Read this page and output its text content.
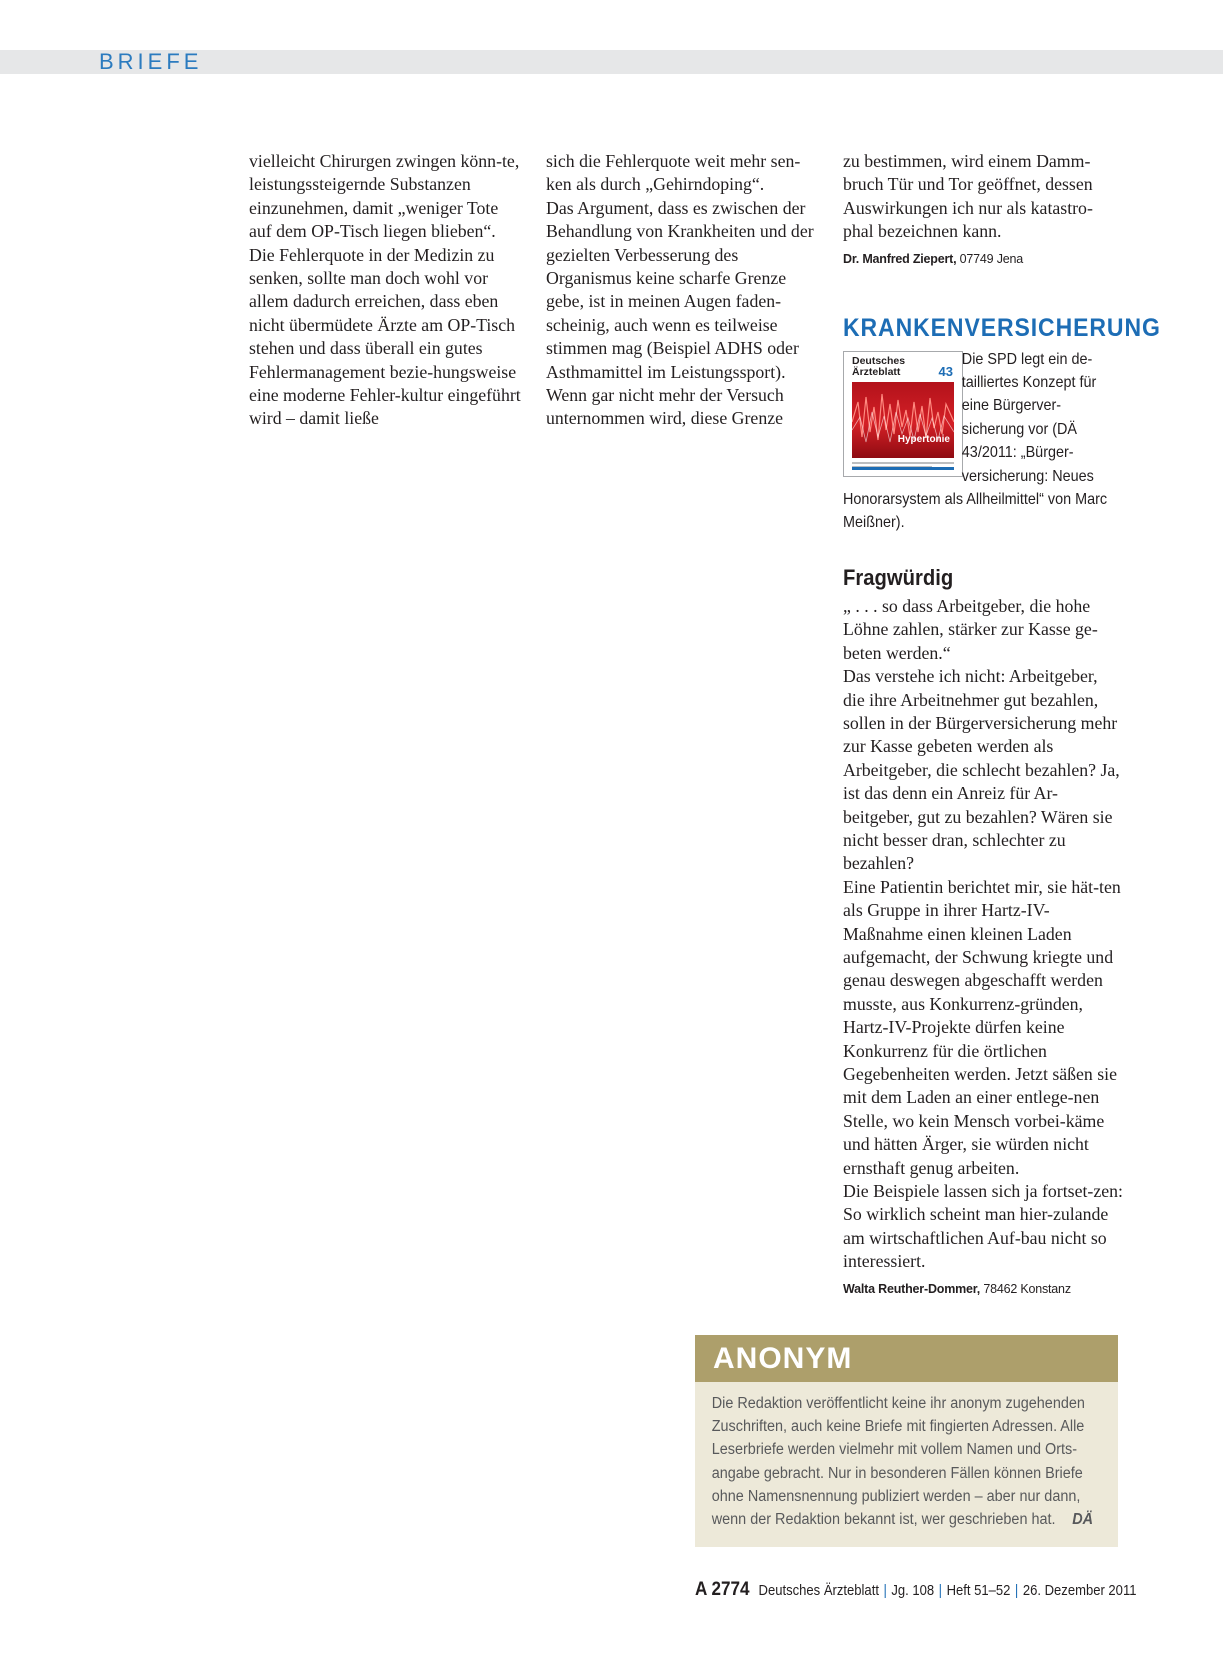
BRIEFE

vielleicht Chirurgen zwingen könn-te, leistungssteigernde Substanzen einzunehmen, damit „weniger Tote auf dem OP-Tisch liegen blieben“. Die Fehlerquote in der Medizin zu senken, sollte man doch wohl vor allem dadurch erreichen, dass eben nicht übermüdete Ärzte am OP-Tisch stehen und dass überall ein gutes Fehlermanagement bezie-hungsweise eine moderne Fehler-kultur eingeführt wird – damit ließe

sich die Fehlerquote weit mehr sen-ken als durch „Gehirndoping“.

Das Argument, dass es zwischen der Behandlung von Krankheiten und der gezielten Verbesserung des Organismus keine scharfe Grenze gebe, ist in meinen Augen faden-scheinig, auch wenn es teilweise stimmen mag (Beispiel ADHS oder Asthmamittel im Leistungssport). Wenn gar nicht mehr der Versuch unternommen wird, diese Grenze

zu bestimmen, wird einem Damm-bruch Tür und Tor geöffnet, dessen Auswirkungen ich nur als katastro-phal bezeichnen kann.

Dr. Manfred Ziepert, 07749 Jena

KRANKENVERSICHERUNG

Deutsches
Ärzteblatt	43
Hypertonie

Die SPD legt ein de-tailliertes Konzept für eine Bürgerver-sicherung vor (DÄ 43/2011: „Bürger-versicherung: Neues Honorarsystem als Allheilmittel“ von Marc Meißner).

Fragwürdig

„ . . . so dass Arbeitgeber, die hohe Löhne zahlen, stärker zur Kasse ge-beten werden.“

Das verstehe ich nicht: Arbeitgeber, die ihre Arbeitnehmer gut bezahlen, sollen in der Bürgerversicherung mehr zur Kasse gebeten werden als Arbeitgeber, die schlecht bezahlen? Ja, ist das denn ein Anreiz für Ar-beitgeber, gut zu bezahlen? Wären sie nicht besser dran, schlechter zu bezahlen?

Eine Patientin berichtet mir, sie hät-ten als Gruppe in ihrer Hartz-IV-Maßnahme einen kleinen Laden aufgemacht, der Schwung kriegte und genau deswegen abgeschafft werden musste, aus Konkurrenz-gründen, Hartz-IV-Projekte dürfen keine Konkurrenz für die örtlichen Gegebenheiten werden. Jetzt säßen sie mit dem Laden an einer entlege-nen Stelle, wo kein Mensch vorbei-käme und hätten Ärger, sie würden nicht ernsthaft genug arbeiten.

Die Beispiele lassen sich ja fortset-zen: So wirklich scheint man hier-zulande am wirtschaftlichen Auf-bau nicht so interessiert.

Walta Reuther-Dommer, 78462 Konstanz

ANONYM
Die Redaktion veröffentlicht keine ihr anonym zugehenden Zuschriften, auch keine Briefe mit fingierten Adressen. Alle Leserbriefe werden vielmehr mit vollem Namen und Orts-angabe gebracht. Nur in besonderen Fällen können Briefe ohne Namensnennung publiziert werden – aber nur dann, wenn der Redaktion bekannt ist, wer geschrieben hat. DÄ
A 2774 Deutsches Ärzteblatt | Jg. 108 | Heft 51–52 | 26. Dezember 2011
